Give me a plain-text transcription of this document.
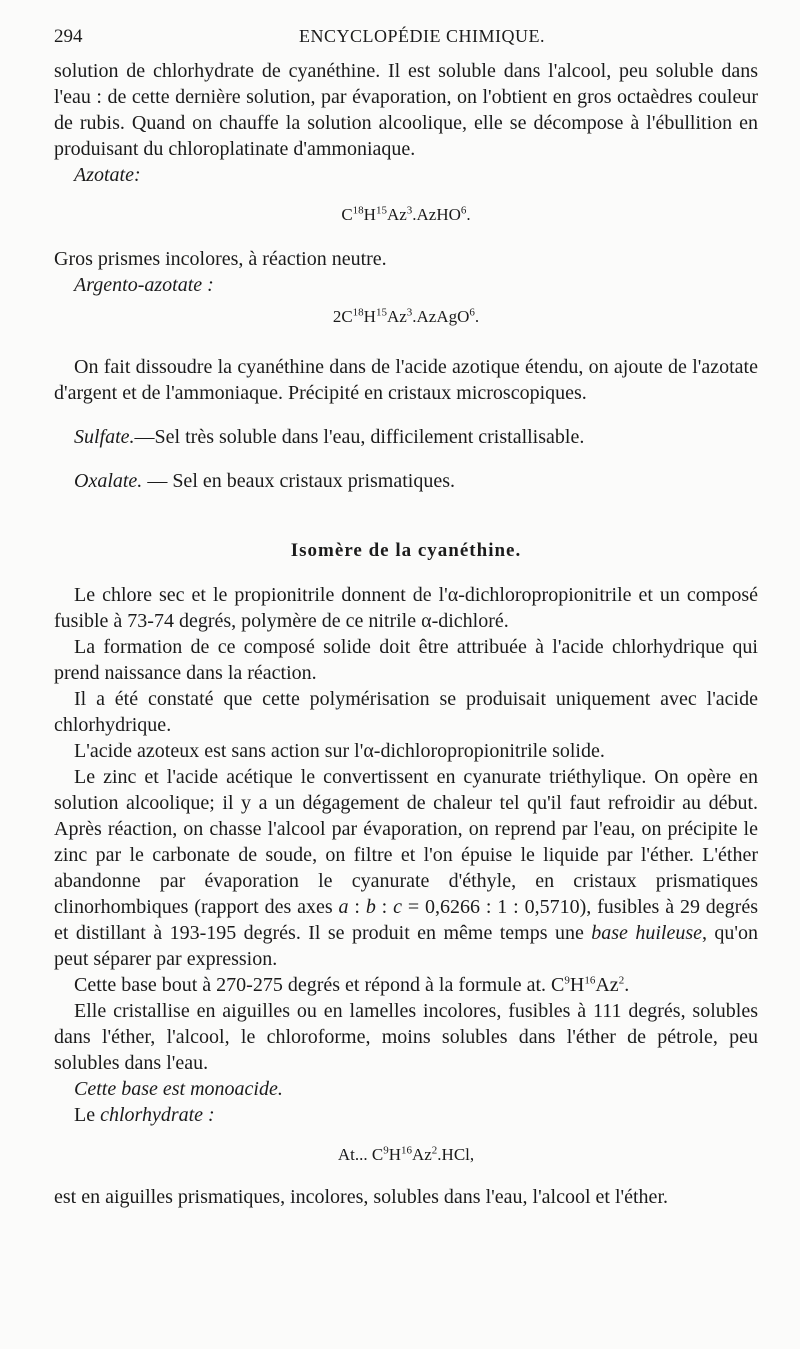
294	ENCYCLOPÉDIE CHIMIQUE.

solution de chlorhydrate de cyanéthine. Il est soluble dans l'alcool, peu soluble dans l'eau : de cette dernière solution, par évaporation, on l'obtient en gros octaèdres couleur de rubis. Quand on chauffe la solution alcoolique, elle se décompose à l'ébullition en produisant du chloroplatinate d'ammoniaque.

Azotate:

$C^{18}H^{15}Az^3.AzHO^6$.

Gros prismes incolores, à réaction neutre.

Argento-azotate :

$2C^{18}H^{15}Az^3.AzAgO^6$.

On fait dissoudre la cyanéthine dans de l'acide azotique étendu, on ajoute de l'azotate d'argent et de l'ammoniaque. Précipité en cristaux microscopiques.

Sulfate.—Sel très soluble dans l'eau, difficilement cristallisable.

Oxalate. — Sel en beaux cristaux prismatiques.

Isomère de la cyanéthine.

Le chlore sec et le propionitrile donnent de l'α-dichloropropionitrile et un composé fusible à 73-74 degrés, polymère de ce nitrile α-dichloré.

La formation de ce composé solide doit être attribuée à l'acide chlorhydrique qui prend naissance dans la réaction.

Il a été constaté que cette polymérisation se produisait uniquement avec l'acide chlorhydrique.

L'acide azoteux est sans action sur l'α-dichloropropionitrile solide.

Le zinc et l'acide acétique le convertissent en cyanurate triéthylique. On opère en solution alcoolique; il y a un dégagement de chaleur tel qu'il faut refroidir au début. Après réaction, on chasse l'alcool par évaporation, on reprend par l'eau, on précipite le zinc par le carbonate de soude, on filtre et l'on épuise le liquide par l'éther. L'éther abandonne par évaporation le cyanurate d'éthyle, en cristaux prismatiques clinorhombiques (rapport des axes a : b : c = 0,6266 : 1 : 0,5710), fusibles à 29 degrés et distillant à 193-195 degrés. Il se produit en même temps une base huileuse, qu'on peut séparer par expression.

Cette base bout à 270-275 degrés et répond à la formule at. $C^9H^{16}Az^2$.

Elle cristallise en aiguilles ou en lamelles incolores, fusibles à 111 degrés, solubles dans l'éther, l'alcool, le chloroforme, moins solubles dans l'éther de pétrole, peu solubles dans l'eau.

Cette base est monoacide.

Le chlorhydrate :

At... $C^9H^{16}Az^2.HCl$,

est en aiguilles prismatiques, incolores, solubles dans l'eau, l'alcool et l'éther.
